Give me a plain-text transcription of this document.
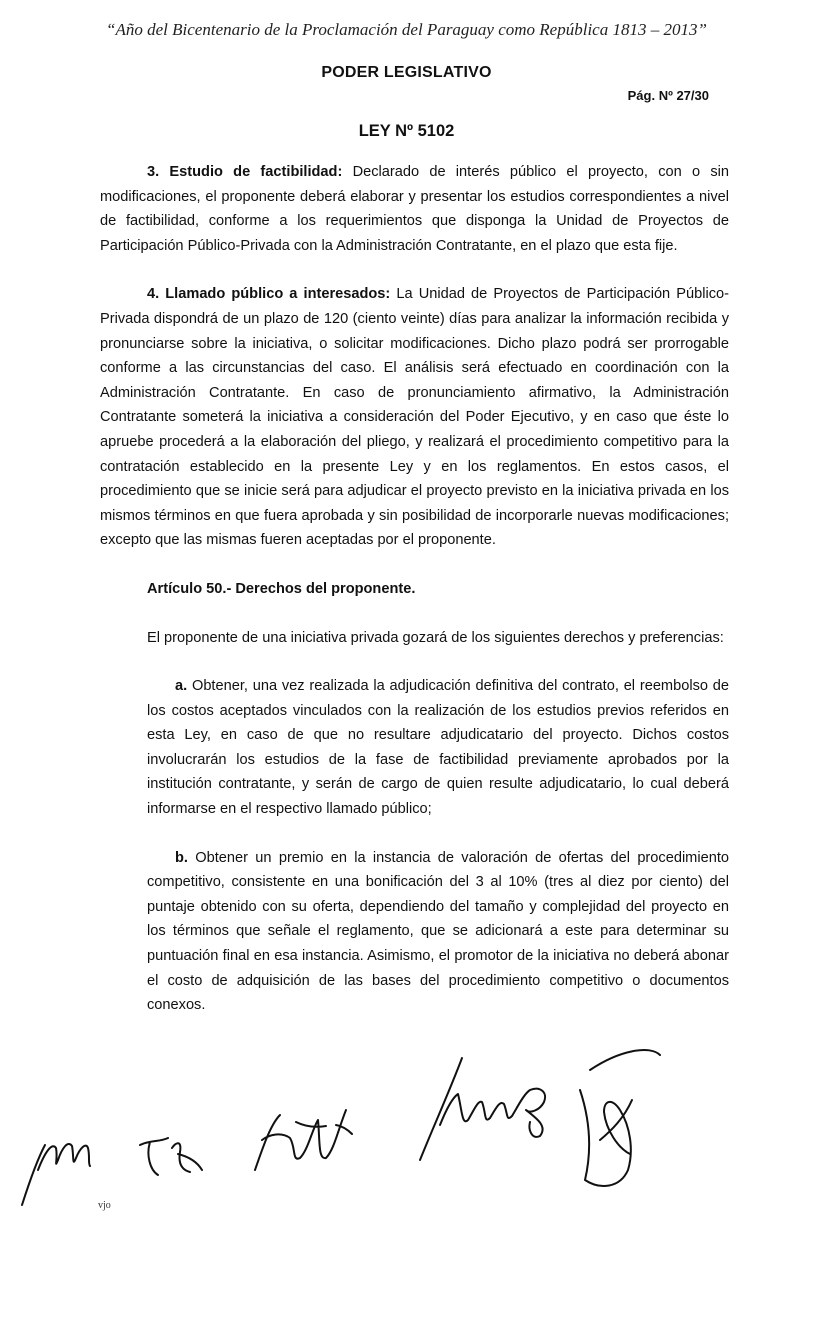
“Año del Bicentenario de la Proclamación del Paraguay como República 1813 – 2013”
PODER LEGISLATIVO
Pág. Nº 27/30
LEY Nº 5102

3. Estudio de factibilidad: Declarado de interés público el proyecto, con o sin modificaciones, el proponente deberá elaborar y presentar los estudios correspondientes a nivel de factibilidad, conforme a los requerimientos que disponga la Unidad de Proyectos de Participación Público-Privada con la Administración Contratante, en el plazo que esta fije.

4. Llamado público a interesados: La Unidad de Proyectos de Participación Público-Privada dispondrá de un plazo de 120 (ciento veinte) días para analizar la información recibida y pronunciarse sobre la iniciativa, o solicitar modificaciones. Dicho plazo podrá ser prorrogable conforme a las circunstancias del caso. El análisis será efectuado en coordinación con la Administración Contratante. En caso de pronunciamiento afirmativo, la Administración Contratante someterá la iniciativa a consideración del Poder Ejecutivo, y en caso que éste lo apruebe procederá a la elaboración del pliego, y realizará el procedimiento competitivo para la contratación establecido en la presente Ley y en los reglamentos. En estos casos, el procedimiento que se inicie será para adjudicar el proyecto previsto en la iniciativa privada en los mismos términos en que fuera aprobada y sin posibilidad de incorporarle nuevas modificaciones; excepto que las mismas fueren aceptadas por el proponente.

Artículo 50.- Derechos del proponente.

El proponente de una iniciativa privada gozará de los siguientes derechos y preferencias:

a. Obtener, una vez realizada la adjudicación definitiva del contrato, el reembolso de los costos aceptados vinculados con la realización de los estudios previos referidos en esta Ley, en caso de que no resultare adjudicatario del proyecto. Dichos costos involucrarán los estudios de la fase de factibilidad previamente aprobados por la institución contratante, y serán de cargo de quien resulte adjudicatario, lo cual deberá informarse en el respectivo llamado público;

b. Obtener un premio en la instancia de valoración de ofertas del procedimiento competitivo, consistente en una bonificación del 3 al 10% (tres al diez por ciento) del puntaje obtenido con su oferta, dependiendo del tamaño y complejidad del proyecto en los términos que señale el reglamento, que se adicionará a este para determinar su puntuación final en esa instancia. Asimismo, el promotor de la iniciativa no deberá abonar el costo de adquisición de las bases del procedimiento competitivo o documentos conexos.

vjo
